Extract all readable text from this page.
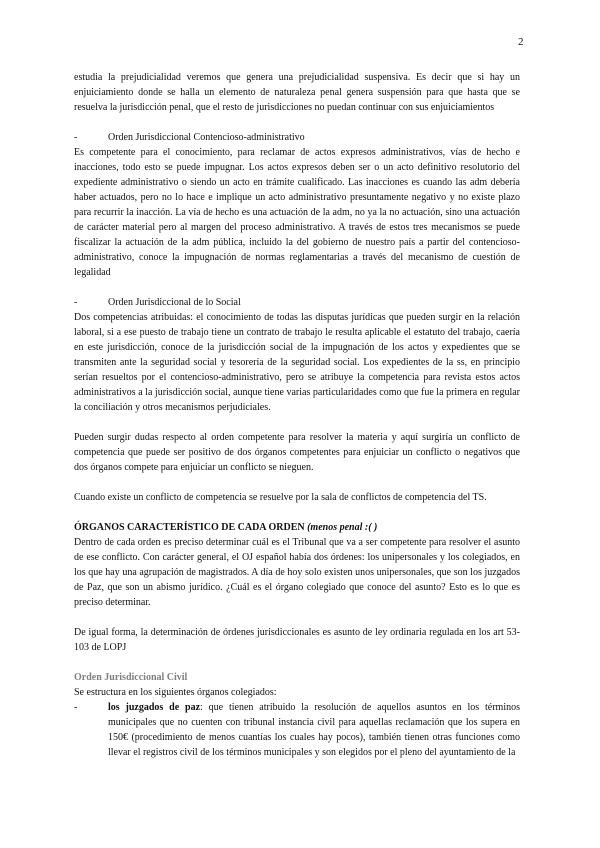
2

estudia la prejudicialidad veremos que genera una prejudicialidad suspensiva. Es decir que si hay un enjuiciamiento donde se halla un elemento de naturaleza penal genera suspensión para que hasta que se resuelva la jurisdicción penal, que el resto de jurisdicciones no puedan continuar con sus enjuiciamientos

-	Orden Jurisdiccional Contencioso-administrativo

Es competente para el conocimiento, para reclamar de actos expresos administrativos, vías de hecho e inacciones, todo esto se puede impugnar. Los actos expresos deben ser o un acto definitivo resolutorio del expediente administrativo o siendo un acto en trámite cualificado. Las inacciones es cuando las adm debería haber actuados, pero no lo hace e implique un acto administrativo presuntamente negativo y no existe plazo para recurrir la inacción. La vía de hecho es una actuación de la adm, no ya la no actuación, sino una actuación de carácter material pero al margen del proceso administrativo. A través de estos tres mecanismos se puede fiscalizar la actuación de la adm pública, incluido la del gobierno de nuestro país a partir del contencioso-administrativo, conoce la impugnación de normas reglamentarias a través del mecanismo de cuestión de legalidad

-	Orden Jurisdiccional de lo Social

Dos competencias atribuidas: el conocimiento de todas las disputas jurídicas que pueden surgir en la relación laboral, si a ese puesto de trabajo tiene un contrato de trabajo le resulta aplicable el estatuto del trabajo, caería en este jurisdicción, conoce de la jurisdicción social de la impugnación de los actos y expedientes que se transmiten ante la seguridad social y tesorería de la seguridad social. Los expedientes de la ss, en principio serían resueltos por el contencioso-administrativo, pero se atribuye la competencia para revista estos actos administrativos a la jurisdicción social, aunque tiene varias particularidades como que fue la primera en regular la conciliación y otros mecanismos perjudiciales.

Pueden surgir dudas respecto al orden competente para resolver la materia y aquí surgiría un conflicto de competencia que puede ser positivo de dos órganos competentes para enjuiciar un conflicto o negativos que dos órganos compete para enjuiciar un conflicto se nieguen.

Cuando existe un conflicto de competencia se resuelve por la sala de conflictos de competencia del TS.

ÓRGANOS CARACTERÍSTICO DE CADA ORDEN (menos penal :( )

Dentro de cada orden es preciso determinar cuál es el Tribunal que va a ser competente para resolver el asunto de ese conflicto. Con carácter general, el OJ español había dos órdenes: los unipersonales y los colegiados, en los que hay una agrupación de magistrados. A día de hoy solo existen unos unipersonales, que son los juzgados de Paz, que son un abismo jurídico. ¿Cuál es el órgano colegiado que conoce del asunto? Esto es lo que es preciso determinar.

De igual forma, la determinación de órdenes jurisdiccionales es asunto de ley ordinaria regulada en los art 53-103 de LOPJ

Orden Jurisdiccional Civil

Se estructura en los siguientes órganos colegiados:

-	los juzgados de paz: que tienen atribuido la resolución de aquellos asuntos en los términos municipales que no cuenten con tribunal instancia civil para aquellas reclamación que los supera en 150€ (procedimiento de menos cuantías los cuales hay pocos), también tienen otras funciones como llevar el registros civil de los términos municipales y son elegidos por el pleno del ayuntamiento de la
